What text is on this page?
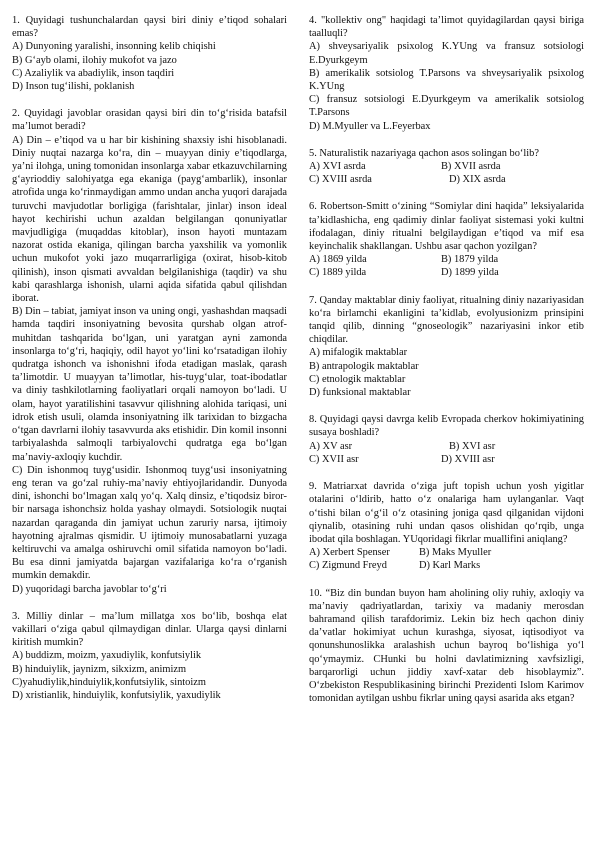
1. Quyidagi tushunchalardan qaysi biri diniy e’tiqod sohalari emas?

A) Dunyoning yaralishi, insonning kelib chiqishi

B) G‘ayb olami, ilohiy mukofot va jazo

C) Azaliylik va abadiylik, inson taqdiri

D) Inson tug‘ilishi, poklanish

2. Quyidagi javoblar orasidan qaysi biri din to‘g‘risida batafsil ma’lumot beradi?

A) Din – e’tiqod va u har bir kishining shaxsiy ishi hisoblanadi. Diniy nuqtai nazarga ko‘ra, din – muayyan diniy e’tiqodlarga, ya’ni ilohga, uning tomonidan insonlarga xabar etkazuvchilarning g‘ayrioddiy salohiyatga ega ekaniga (payg‘ambarlik), insonlar atrofida unga ko‘rinmaydigan ammo undan ancha yuqori darajada turuvchi mavjudotlar borligiga (farishtalar, jinlar) inson ideal hayot kechirishi uchun azaldan belgilangan qonuniyatlar mavjudligiga (muqaddas kitoblar), inson hayoti muntazam nazorat ostida ekaniga, qilingan barcha yaxshilik va yomonlik uchun mukofot yoki jazo muqarrarligiga (oxirat, hisob-kitob qilinish), inson qismati avvaldan belgilanishiga (taqdir) va shu kabi qarashlarga ishonish, ularni aqida sifatida qabul qilishdan iborat.

B) Din – tabiat, jamiyat inson va uning ongi, yashashdan maqsadi hamda taqdiri insoniyatning bevosita qurshab olgan atrof-muhitdan tashqarida bo‘lgan, uni yaratgan ayni zamonda insonlarga to‘g‘ri, haqiqiy, odil hayot yo‘lini ko‘rsatadigan ilohiy qudratga ishonch va ishonishni ifoda etadigan maslak, qarash ta’limotdir. U muayyan ta’limotlar, his-tuyg‘ular, toat-ibodatlar va diniy tashkilotlarning faoliyatlari orqali namoyon bo‘ladi. U olam, hayot yaratilishini tasavvur qilishning alohida tariqasi, uni idrok etish usuli, olamda insoniyatning ilk tarixidan to bizgacha o‘tgan davrlarni ilohiy tasavvurda aks etishidir. Din komil insonni tarbiyalashda salmoqli tarbiyalovchi qudratga ega bo‘lgan ma’naviy-axloqiy kuchdir.

C) Din ishonmoq tuyg‘usidir. Ishonmoq tuyg‘usi insoniyatning eng teran va go‘zal ruhiy-ma’naviy ehtiyojlaridandir. Dunyoda dini, ishonchi bo‘lmagan xalq yo‘q. Xalq dinsiz, e’tiqodsiz biror-bir narsaga ishonchsiz holda yashay olmaydi. Sotsiologik nuqtai nazardan qaraganda din jamiyat uchun zaruriy narsa, ijtimoiy hayotning ajralmas qismidir. U ijtimoiy munosabatlarni yuzaga keltiruvchi va amalga oshiruvchi omil sifatida namoyon bo‘ladi. Bu esa dinni jamiyatda bajargan vazifalariga ko‘ra o‘rganish mumkin demakdir.

D) yuqoridagi barcha javoblar to‘g‘ri

3. Milliy dinlar – ma’lum millatga xos bo‘lib, boshqa elat vakillari o‘ziga qabul qilmaydigan dinlar. Ularga qaysi dinlarni kiritish mumkin?

A) buddizm, moizm, yaxudiylik, konfutsiylik

B) hinduiylik, jaynizm, sikxizm, animizm

C)yahudiylik,hinduiylik,konfutsiylik, sintoizm

D) xristianlik, hinduiylik, konfutsiylik, yaxudiylik

4. "kollektiv ong" haqidagi ta’limot quyidagilardan qaysi biriga taalluqli?

A) shveysariyalik psixolog K.YUng va fransuz sotsiologi E.Dyurkgeym

B) amerikalik sotsiolog T.Parsons va shveysariyalik psixolog K.YUng

C) fransuz sotsiologi E.Dyurkgeym va amerikalik sotsiolog T.Parsons

D) M.Myuller va L.Feyerbax

5. Naturalistik nazariyaga qachon asos solingan bo‘lib?

A) XVI asrda	B) XVII asrda
C) XVIII asrda	D) XIX asrda

6. Robertson-Smitt o‘zining “Somiylar dini haqida” leksiyalarida ta’kidlashicha, eng qadimiy dinlar faoliyat sistemasi yoki kultni ifodalagan, diniy ritualni belgilaydigan e’tiqod va mif esa keyinchalik shakllangan. Ushbu asar qachon yozilgan?

A) 1869 yilda	B) 1879 yilda
C) 1889 yilda	D) 1899 yilda

7. Qanday maktablar diniy faoliyat, ritualning diniy nazariyasidan ko‘ra birlamchi ekanligini ta’kidlab, evolyusionizm prinsipini tanqid qilib, dinning “gnoseologik” nazariyasini inkor etib chiqdilar.

A) mifalogik maktablar

B) antrapologik maktablar

C) etnologik maktablar

D) funksional maktablar

8. Quyidagi qaysi davrga kelib Evropada cherkov hokimiyatining susaya boshladi?

A) XV asr	B) XVI asr
C) XVII asr	D) XVIII asr

9. Matriarxat davrida o‘ziga juft topish uchun yosh yigitlar otalarini o‘ldirib, hatto o‘z onalariga ham uylanganlar. Vaqt o‘tishi bilan o‘g‘il o‘z otasining joniga qasd qilganidan vijdoni qiynalib, otasining ruhi undan qasos olishidan qo‘rqib, unga ibodat qila boshlagan. YUqoridagi fikrlar muallifini aniqlang?

A) Xerbert Spenser	B) Maks Myuller
C) Zigmund Freyd	D) Karl Marks

10. “Biz din bundan buyon ham aholining oliy ruhiy, axloqiy va ma’naviy qadriyatlardan, tarixiy va madaniy merosdan bahramand qilish tarafdorimiz. Lekin biz hech qachon diniy da’vatlar hokimiyat uchun kurashga, siyosat, iqtisodiyot va qonunshunoslikka aralashish uchun bayroq bo‘lishiga yo‘l qo‘ymaymiz. CHunki bu holni davlatimizning xavfsizligi, barqarorligi uchun jiddiy xavf-xatar deb hisoblaymiz”. O‘zbekiston Respublikasining birinchi Prezidenti Islom Karimov tomonidan aytilgan ushbu fikrlar uning qaysi asarida aks etgan?
